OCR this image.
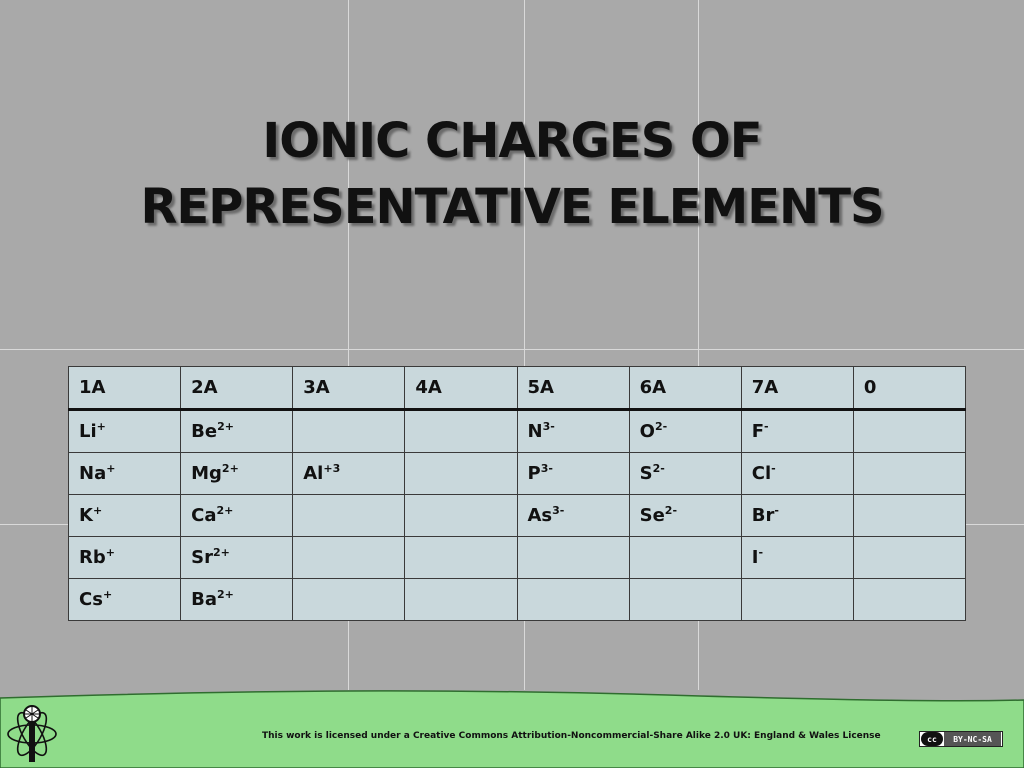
IONIC CHARGES OF
REPRESENTATIVE ELEMENTS
1A	2A	3A	4A	5A	6A	7A	0
Li+	$Be^{2+}$			$N^{3-}$	$O^{2-}$	F-	
Na+	$Mg^{2+}$	$Al^{+3}$		$P^{3-}$	$S^{2-}$	Cl-	
K+	$Ca^{2+}$			$As^{3-}$	$Se^{2-}$	Br-	
Rb+	$Sr^{2+}$					I-	
Cs+	$Ba^{2+}$						
This work is licensed under a Creative Commons Attribution-Noncommercial-Share Alike 2.0 UK: England & Wales License	cc	BY-NC-SA
